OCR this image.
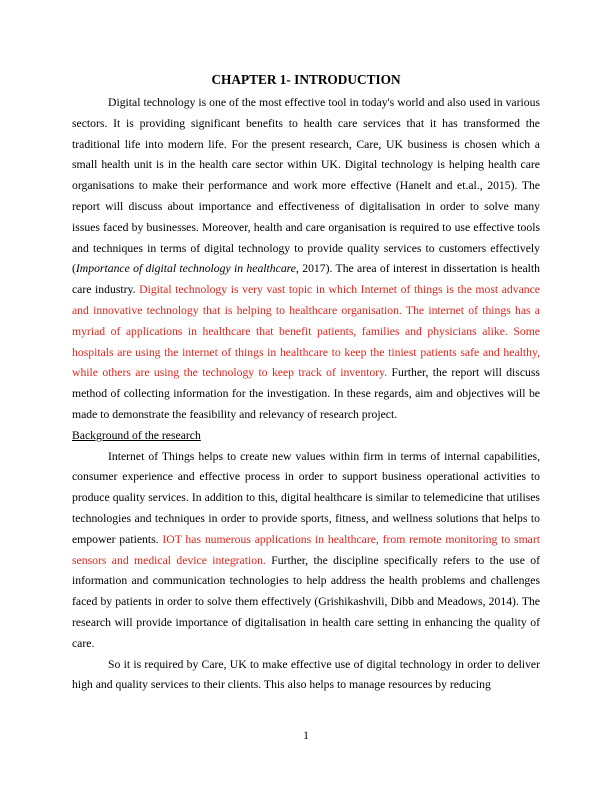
CHAPTER 1- INTRODUCTION

Digital technology is one of the most effective tool in today's world and also used in various sectors. It is providing significant benefits to health care services that it has transformed the traditional life into modern life. For the present research, Care, UK business is chosen which a small health unit is in the health care sector within UK. Digital technology is helping health care organisations to make their performance and work more effective (Hanelt and et.al., 2015). The report will discuss about importance and effectiveness of digitalisation in order to solve many issues faced by businesses. Moreover, health and care organisation is required to use effective tools and techniques in terms of digital technology to provide quality services to customers effectively (Importance of digital technology in healthcare, 2017). The area of interest in dissertation is health care industry. Digital technology is very vast topic in which Internet of things is the most advance and innovative technology that is helping to healthcare organisation. The internet of things has a myriad of applications in healthcare that benefit patients, families and physicians alike. Some hospitals are using the internet of things in healthcare to keep the tiniest patients safe and healthy, while others are using the technology to keep track of inventory. Further, the report will discuss method of collecting information for the investigation. In these regards, aim and objectives will be made to demonstrate the feasibility and relevancy of research project.

Background of the research

Internet of Things helps to create new values within firm in terms of internal capabilities, consumer experience and effective process in order to support business operational activities to produce quality services. In addition to this, digital healthcare is similar to telemedicine that utilises technologies and techniques in order to provide sports, fitness, and wellness solutions that helps to empower patients. IOT has numerous applications in healthcare, from remote monitoring to smart sensors and medical device integration. Further, the discipline specifically refers to the use of information and communication technologies to help address the health problems and challenges faced by patients in order to solve them effectively (Grishikashvili, Dibb and Meadows, 2014). The research will provide importance of digitalisation in health care setting in enhancing the quality of care.

So it is required by Care, UK to make effective use of digital technology in order to deliver high and quality services to their clients. This also helps to manage resources by reducing

1
